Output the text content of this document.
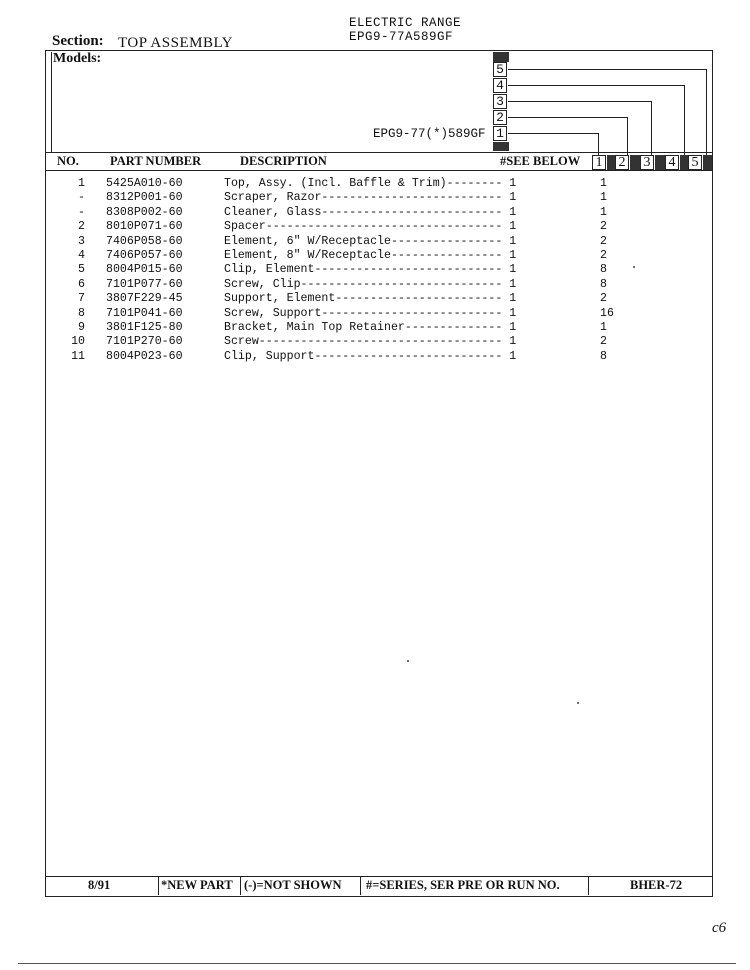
ELECTRIC RANGE
EPG9-77A589GF
Section: TOP ASSEMBLY
Models:
5
4
3
2
1
EPG9-77(*)589GF
NO. PART NUMBER	DESCRIPTION	#SEE BELOW 1 2 3 4 5
1 5425A010-60	Top, Assy. (Incl. Baffle & Trim)-------- 1	1
- 8312P001-60	Scraper, Razor-------------------------- 1	1
- 8308P002-60	Cleaner, Glass-------------------------- 1	1
2 8010P071-60	Spacer---------------------------------- 1	2
3 7406P058-60	Element, 6" W/Receptacle---------------- 1	2
4 7406P057-60	Element, 8" W/Receptacle---------------- 1	2
5 8004P015-60	Clip, Element--------------------------- 1	8
6 7101P077-60	Screw, Clip----------------------------- 1	8
7 3807F229-45	Support, Element------------------------ 1	2
8 7101P041-60	Screw, Support-------------------------- 1	16
9 3801F125-80	Bracket, Main Top Retainer-------------- 1	1
10 7101P270-60	Screw----------------------------------- 1	2
11 8004P023-60	Clip, Support--------------------------- 1	8
8/91	*NEW PART (-)=NOT SHOWN #=SERIES, SER PRE OR RUN NO.	BHER-72
c6
